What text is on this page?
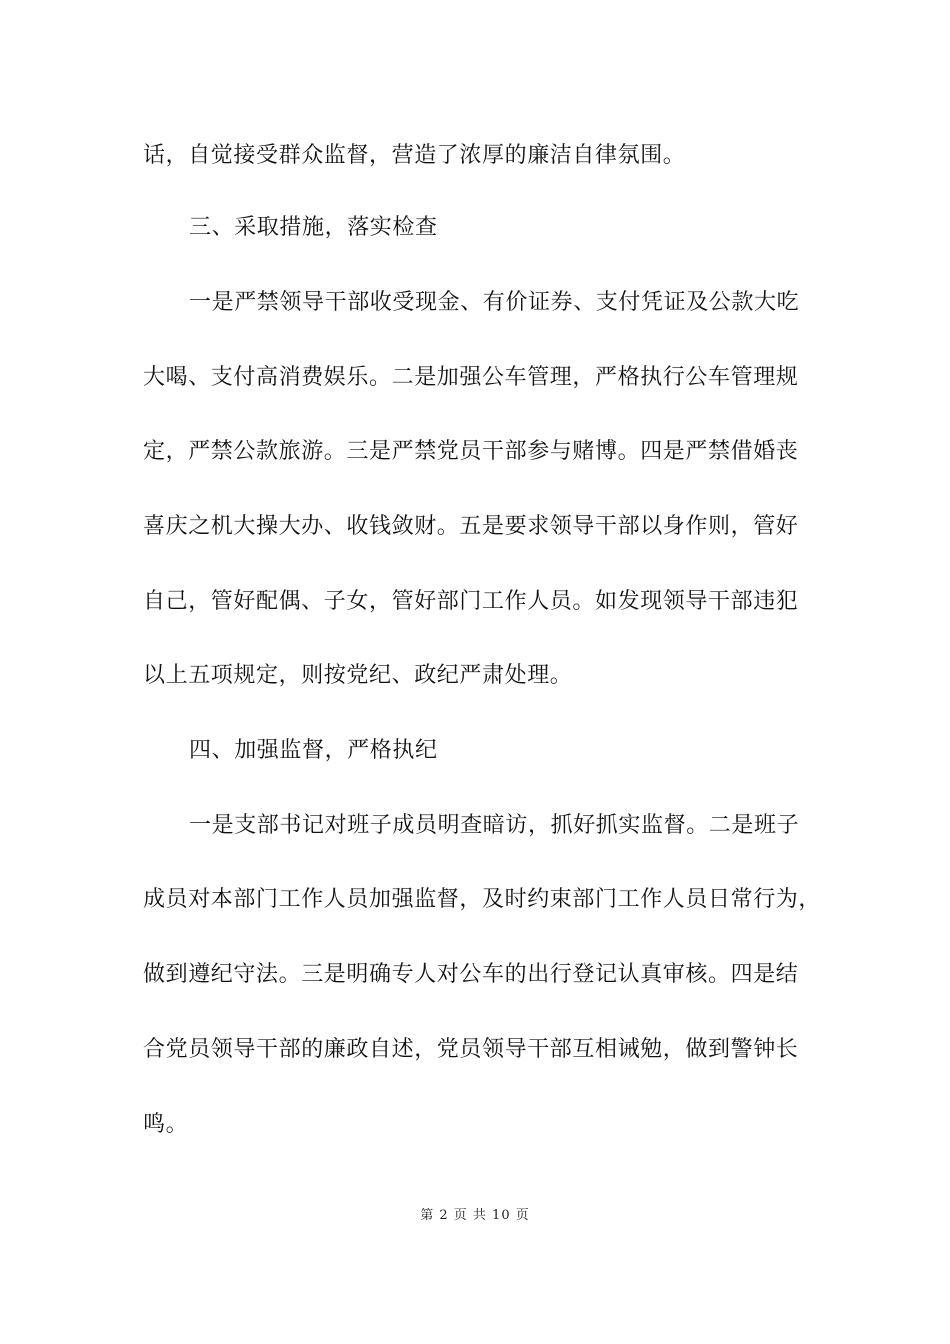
话，自觉接受群众监督，营造了浓厚的廉洁自律氛围。
三、采取措施，落实检查
一是严禁领导干部收受现金、有价证券、支付凭证及公款大吃
大喝、支付高消费娱乐。二是加强公车管理，严格执行公车管理规
定，严禁公款旅游。三是严禁党员干部参与赌博。四是严禁借婚丧
喜庆之机大操大办、收钱敛财。五是要求领导干部以身作则，管好
自己，管好配偶、子女，管好部门工作人员。如发现领导干部违犯
以上五项规定，则按党纪、政纪严肃处理。
四、加强监督，严格执纪
一是支部书记对班子成员明查暗访，抓好抓实监督。二是班子
成员对本部门工作人员加强监督，及时约束部门工作人员日常行为，
做到遵纪守法。三是明确专人对公车的出行登记认真审核。四是结
合党员领导干部的廉政自述，党员领导干部互相诫勉，做到警钟长
鸣。
第 2 页 共 10 页
